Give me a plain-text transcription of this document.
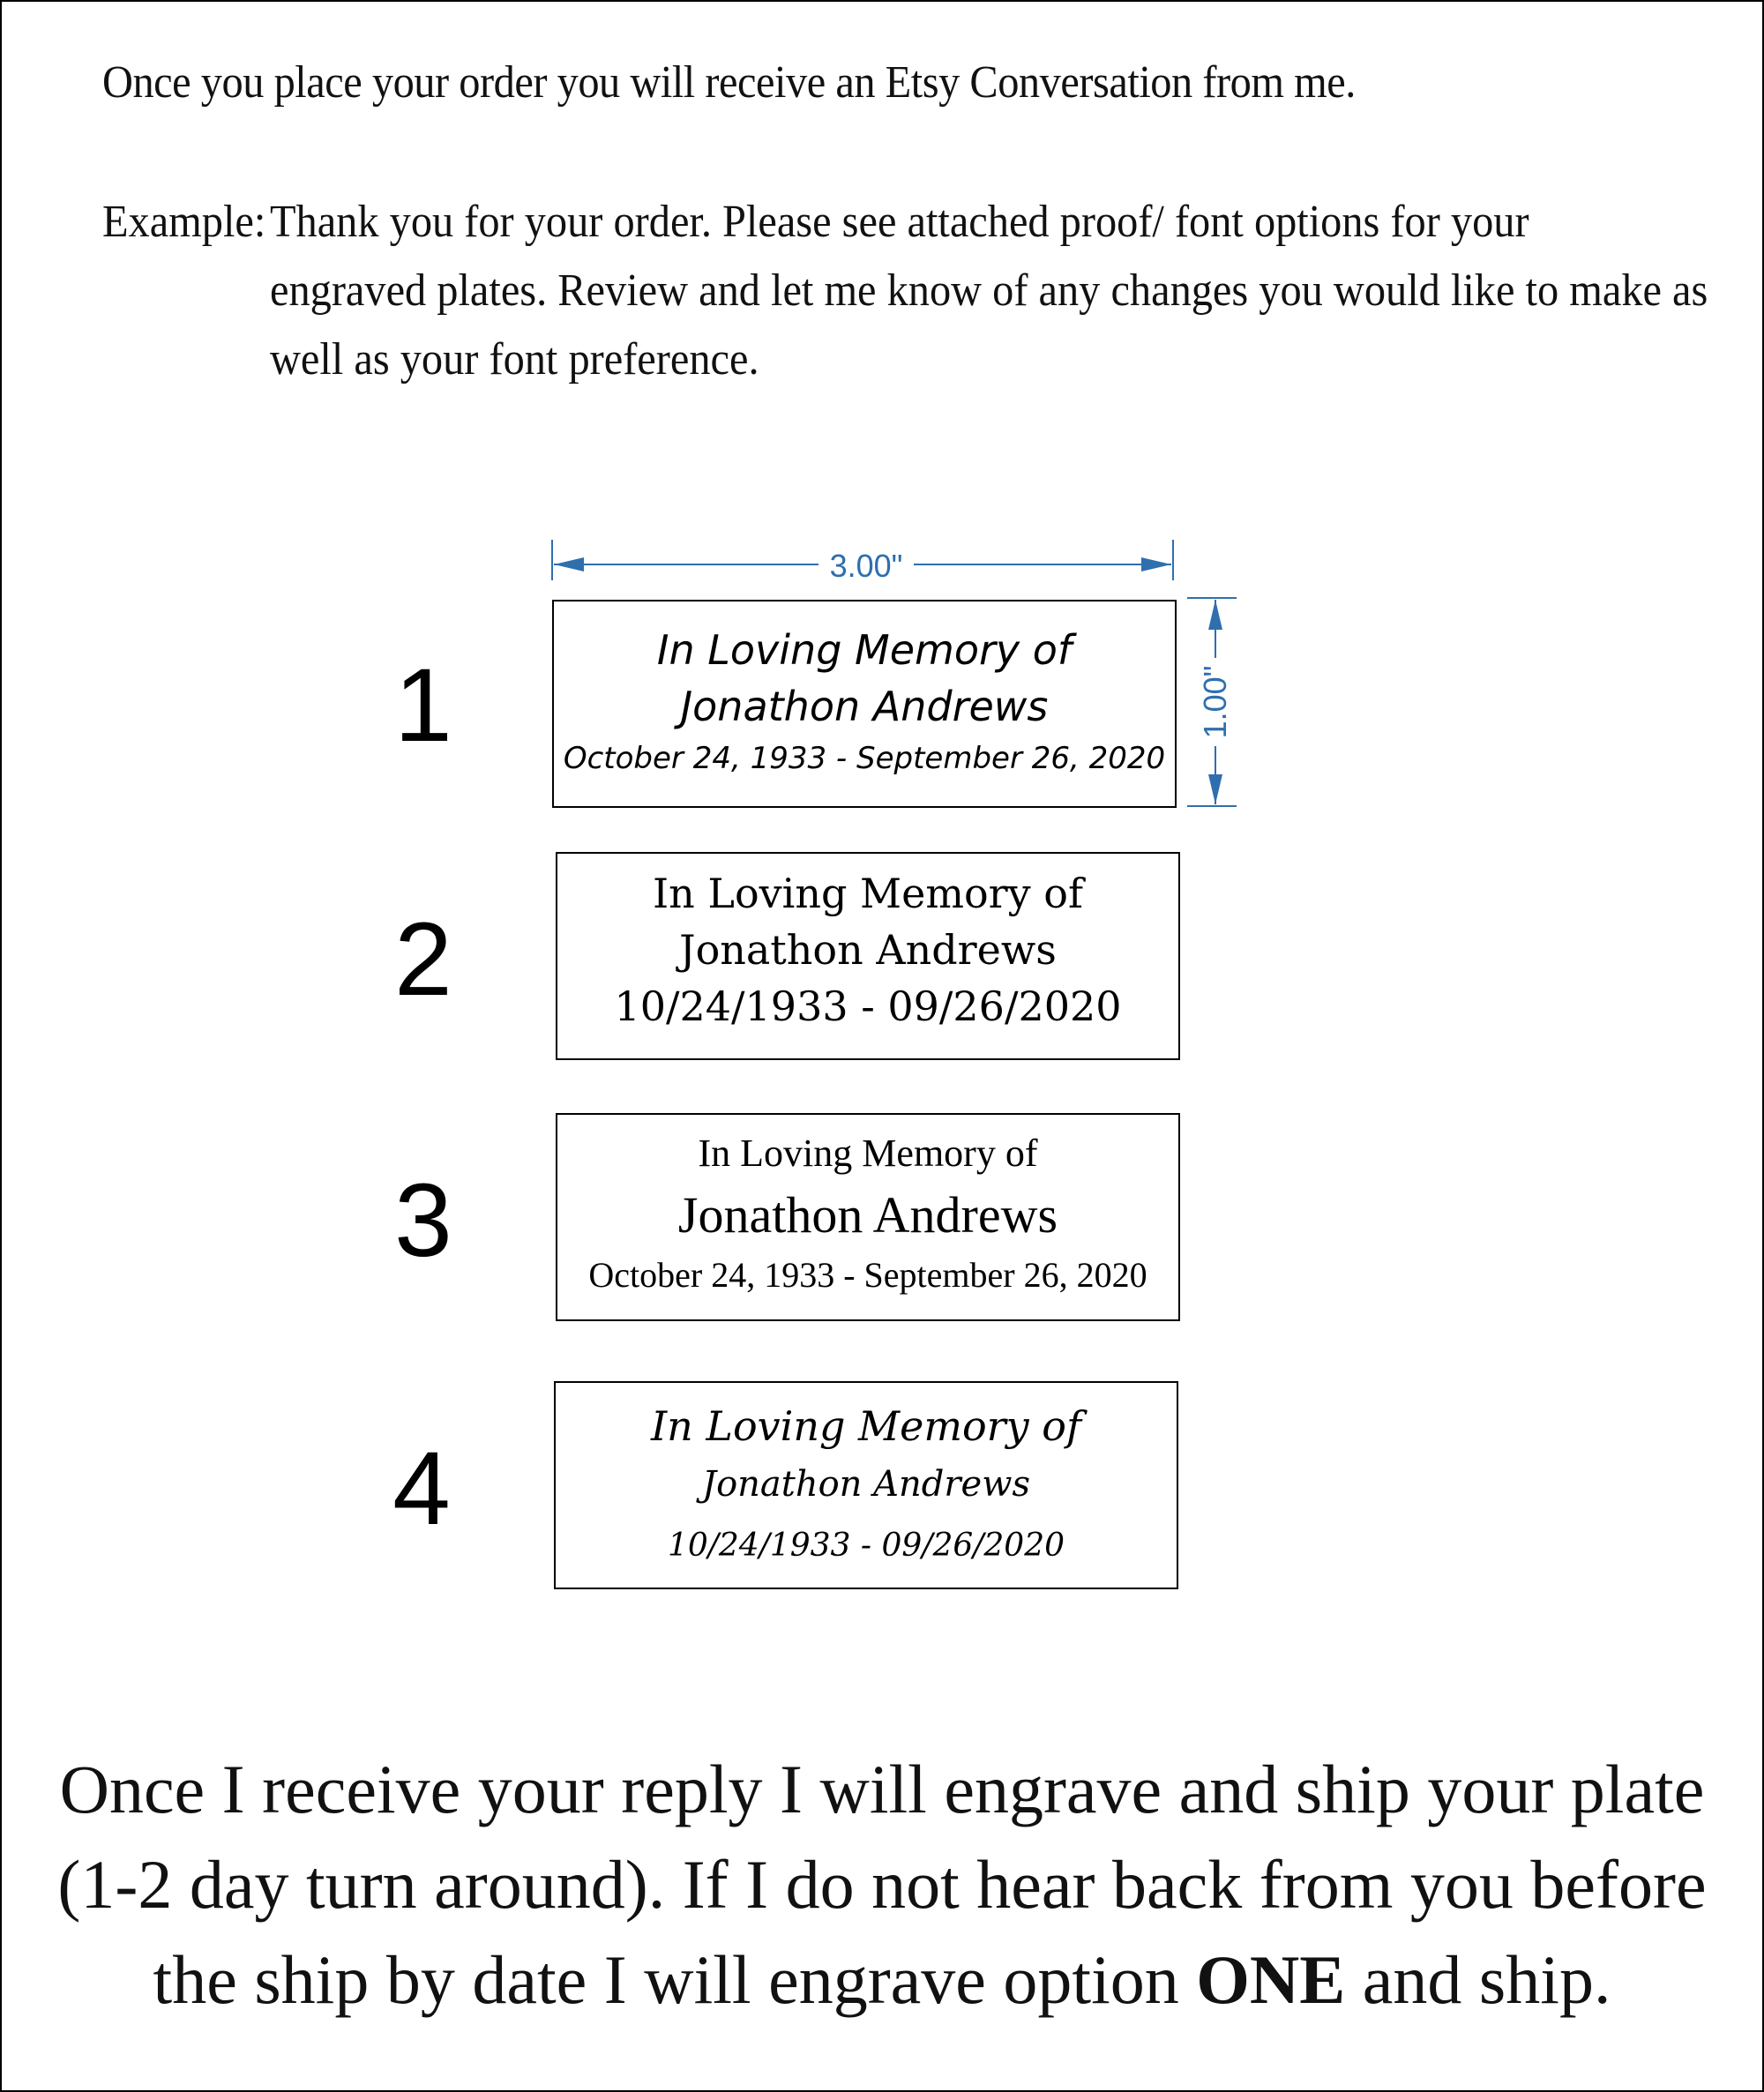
Once you place your order you will receive an Etsy Conversation from me.
Example: Thank you for your order. Please see attached proof/ font options for your
engraved plates. Review and let me know of any changes you would like to make as
well as your font preference.
3.00"
1.00"
1	In Loving Memory of
Jonathon Andrews
October 24, 1933 - September 26, 2020
2
In Loving Memory of
Jonathon Andrews
10/24/1933 - 09/26/2020
3
In Loving Memory of
Jonathon Andrews
October 24, 1933 - September 26, 2020
4
In Loving Memory of
Jonathon Andrews
10/24/1933 - 09/26/2020
Once I receive your reply I will engrave and ship your plate
(1-2 day turn around). If I do not hear back from you before
the ship by date I will engrave option ONE and ship.
